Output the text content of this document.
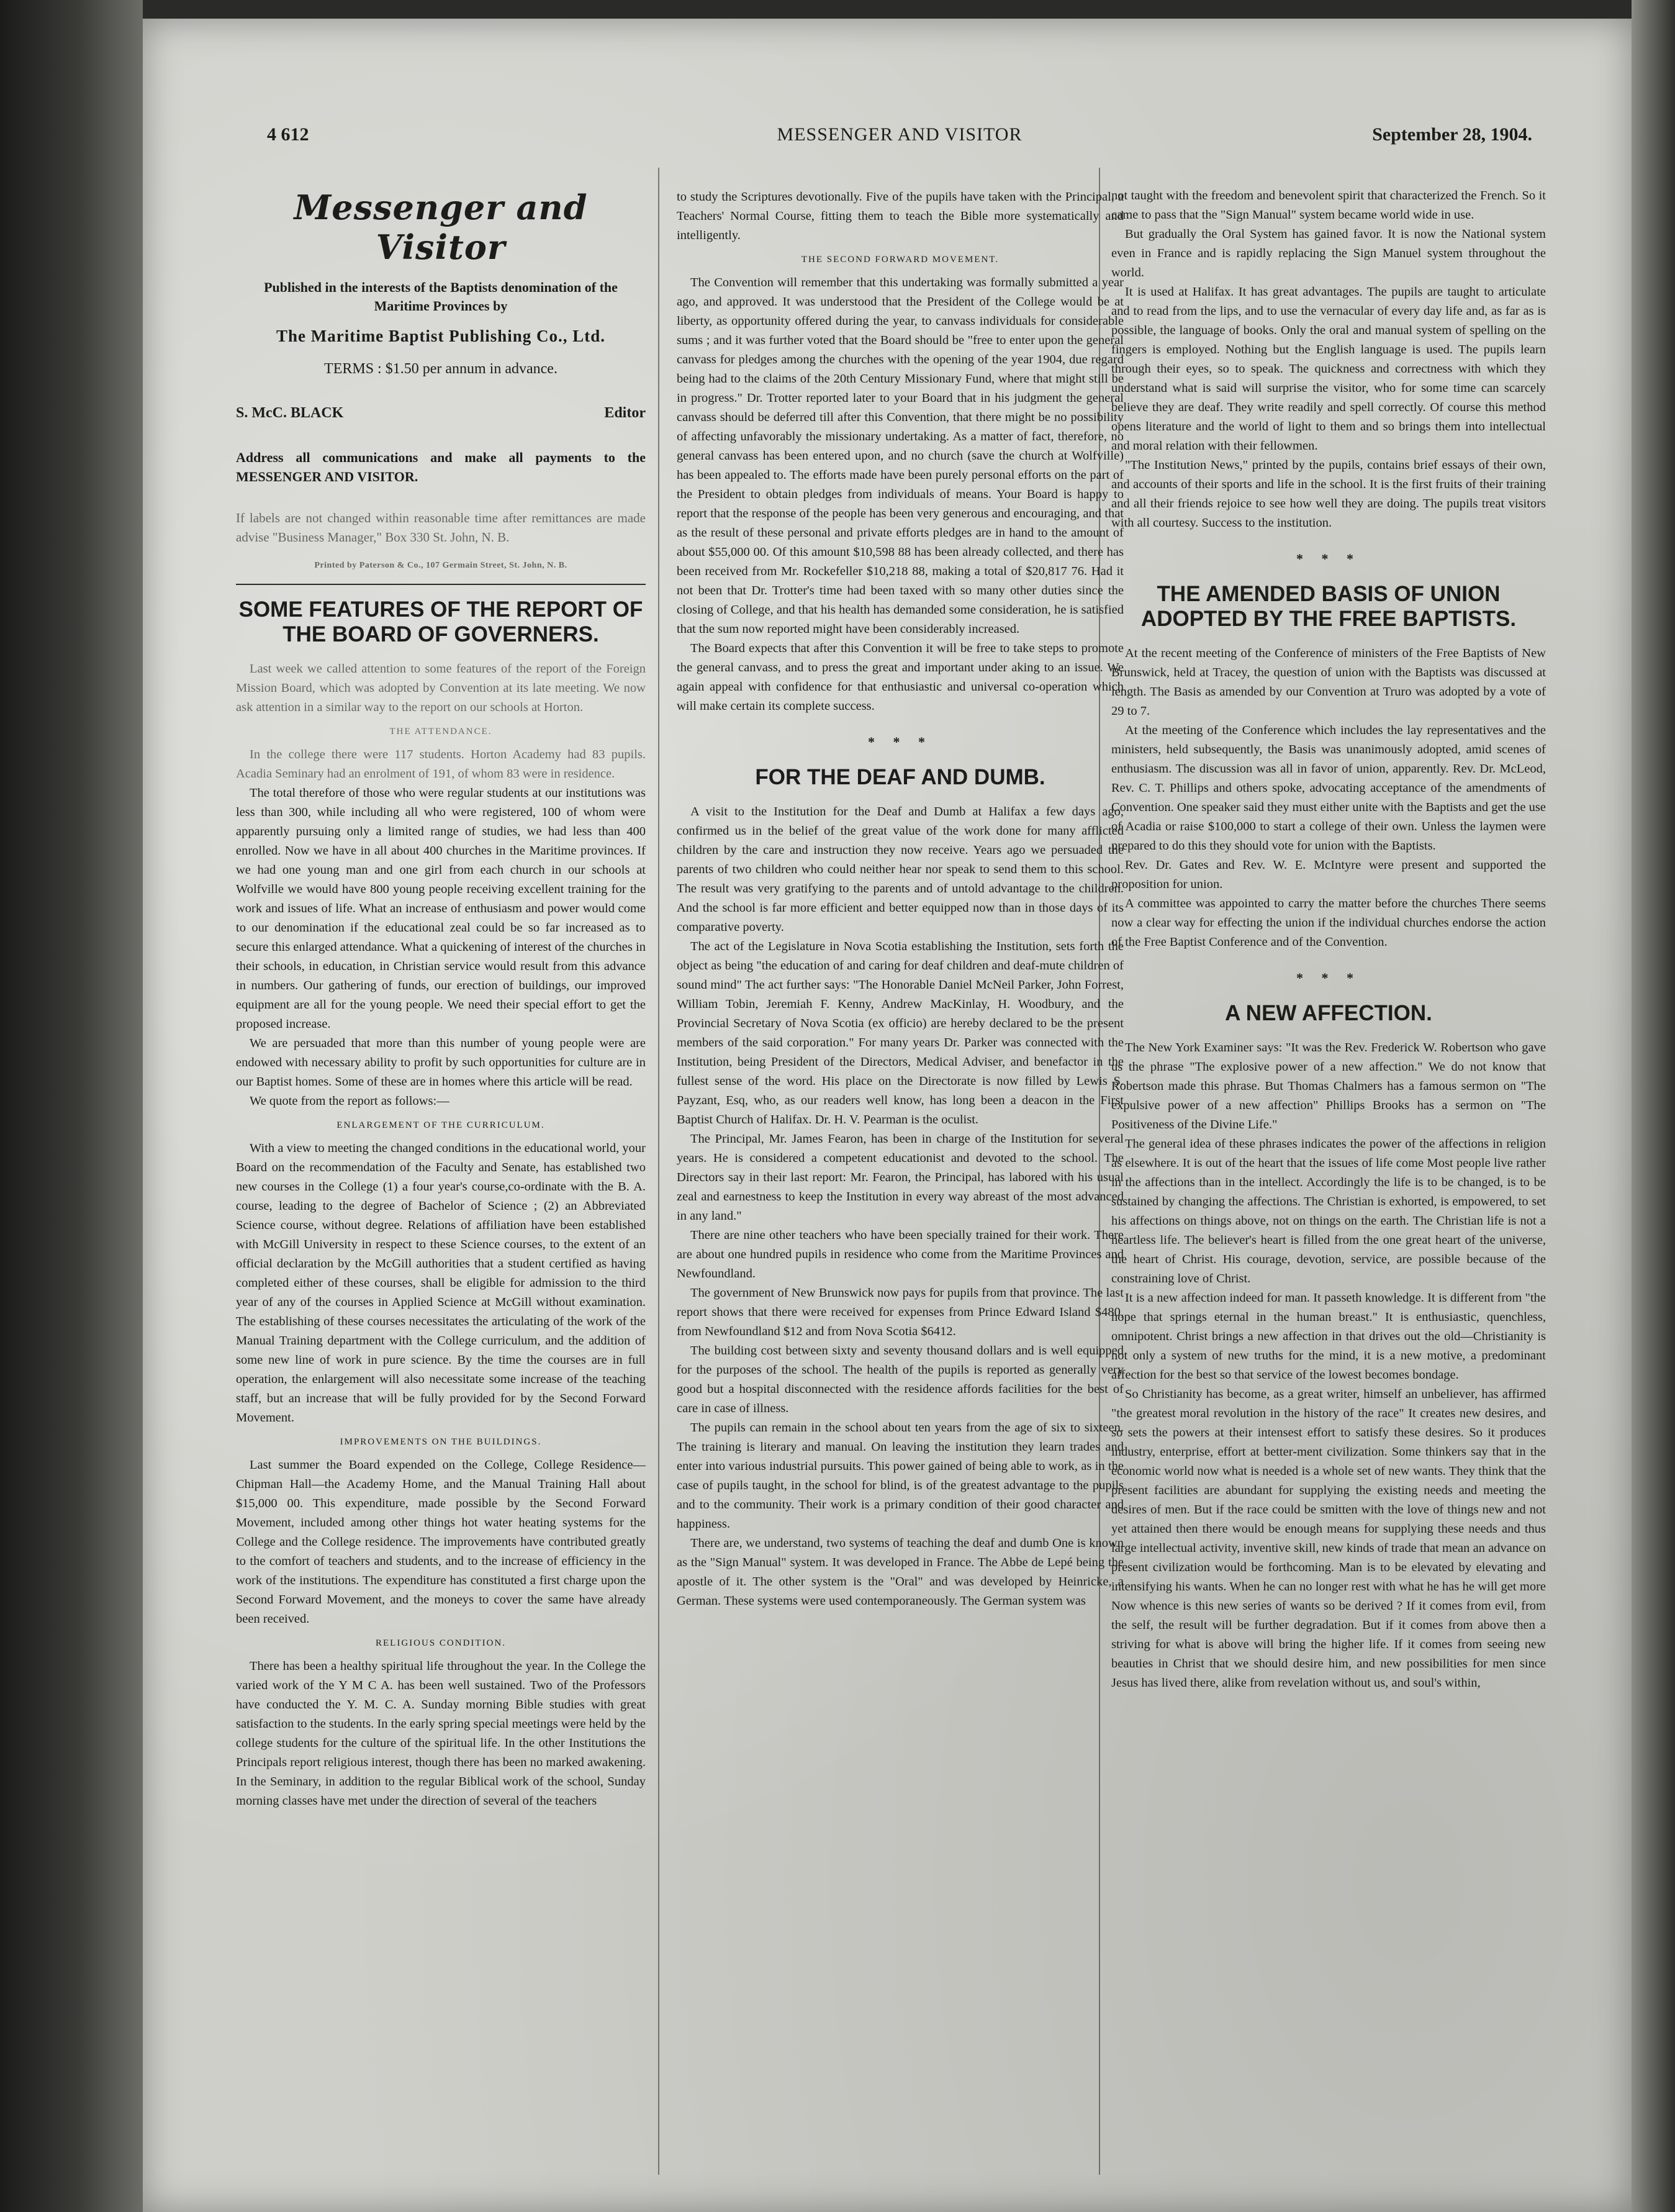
4 612	MESSENGER AND VISITOR	September 28, 1904.
Messenger and Visitor

Published in the interests of the Baptists denomination of the Maritime Provinces by

The Maritime Baptist Publishing Co., Ltd.
TERMS : $1.50 per annum in advance.
S. McC. BLACK	Editor
Address all communications and make all payments to the MESSENGER AND VISITOR.
If labels are not changed within reasonable time after remittances are made advise "Business Manager," Box 330 St. John, N. B.
Printed by Paterson & Co., 107 Germain Street, St. John, N. B.
SOME FEATURES OF THE REPORT OF THE BOARD OF GOVERNERS.

Last week we called attention to some features of the report of the Foreign Mission Board, which was adopted by Convention at its late meeting. We now ask attention in a similar way to the report on our schools at Horton.

THE ATTENDANCE.

In the college there were 117 students. Horton Academy had 83 pupils. Acadia Seminary had an enrolment of 191, of whom 83 were in residence.

The total therefore of those who were regular students at our institutions was less than 300, while including all who were registered, 100 of whom were apparently pursuing only a limited range of studies, we had less than 400 enrolled. Now we have in all about 400 churches in the Maritime provinces. If we had one young man and one girl from each church in our schools at Wolfville we would have 800 young people receiving excellent training for the work and issues of life. What an increase of enthusiasm and power would come to our denomination if the educational zeal could be so far increased as to secure this enlarged attendance. What a quickening of interest of the churches in their schools, in education, in Christian service would result from this advance in numbers. Our gathering of funds, our erection of buildings, our improved equipment are all for the young people. We need their special effort to get the proposed increase.

We are persuaded that more than this number of young people were are endowed with necessary ability to profit by such opportunities for culture are in our Baptist homes. Some of these are in homes where this article will be read.

We quote from the report as follows:—

ENLARGEMENT OF THE CURRICULUM.

With a view to meeting the changed conditions in the educational world, your Board on the recommendation of the Faculty and Senate, has established two new courses in the College (1) a four year's course,co-ordinate with the B. A. course, leading to the degree of Bachelor of Science ; (2) an Abbreviated Science course, without degree. Relations of affiliation have been established with McGill University in respect to these Science courses, to the extent of an official declaration by the McGill authorities that a student certified as having completed either of these courses, shall be eligible for admission to the third year of any of the courses in Applied Science at McGill without examination. The establishing of these courses necessitates the articulating of the work of the Manual Training department with the College curriculum, and the addition of some new line of work in pure science. By the time the courses are in full operation, the enlargement will also necessitate some increase of the teaching staff, but an increase that will be fully provided for by the Second Forward Movement.

IMPROVEMENTS ON THE BUILDINGS.

Last summer the Board expended on the College, College Residence—Chipman Hall—the Academy Home, and the Manual Training Hall about $15,000 00. This expenditure, made possible by the Second Forward Movement, included among other things hot water heating systems for the College and the College residence. The improvements have contributed greatly to the comfort of teachers and students, and to the increase of efficiency in the work of the institutions. The expenditure has constituted a first charge upon the Second Forward Movement, and the moneys to cover the same have already been received.

RELIGIOUS CONDITION.

There has been a healthy spiritual life throughout the year. In the College the varied work of the Y M C A. has been well sustained. Two of the Professors have conducted the Y. M. C. A. Sunday morning Bible studies with great satisfaction to the students. In the early spring special meetings were held by the college students for the culture of the spiritual life. In the other Institutions the Principals report religious interest, though there has been no marked awakening. In the Seminary, in addition to the regular Biblical work of the school, Sunday morning classes have met under the direction of several of the teachers

to study the Scriptures devotionally. Five of the pupils have taken with the Principal, a Teachers' Normal Course, fitting them to teach the Bible more systematically and intelligently.

THE SECOND FORWARD MOVEMENT.

The Convention will remember that this undertaking was formally submitted a year ago, and approved. It was understood that the President of the College would be at liberty, as opportunity offered during the year, to canvass individuals for considerable sums ; and it was further voted that the Board should be "free to enter upon the general canvass for pledges among the churches with the opening of the year 1904, due regard being had to the claims of the 20th Century Missionary Fund, where that might still be in progress." Dr. Trotter reported later to your Board that in his judgment the general canvass should be deferred till after this Convention, that there might be no possibility of affecting unfavorably the missionary undertaking. As a matter of fact, therefore, no general canvass has been entered upon, and no church (save the church at Wolfville) has been appealed to. The efforts made have been purely personal efforts on the part of the President to obtain pledges from individuals of means. Your Board is happy to report that the response of the people has been very generous and encouraging, and that as the result of these personal and private efforts pledges are in hand to the amount of about $55,000 00. Of this amount $10,598 88 has been already collected, and there has been received from Mr. Rockefeller $10,218 88, making a total of $20,817 76. Had it not been that Dr. Trotter's time had been taxed with so many other duties since the closing of College, and that his health has demanded some consideration, he is satisfied that the sum now reported might have been considerably increased.

The Board expects that after this Convention it will be free to take steps to promote the general canvass, and to press the great and important under aking to an issue. We again appeal with confidence for that enthusiastic and universal co-operation which will make certain its complete success.

* * *
FOR THE DEAF AND DUMB.

A visit to the Institution for the Deaf and Dumb at Halifax a few days ago, confirmed us in the belief of the great value of the work done for many afflicted children by the care and instruction they now receive. Years ago we persuaded the parents of two children who could neither hear nor speak to send them to this school. The result was very gratifying to the parents and of untold advantage to the children. And the school is far more efficient and better equipped now than in those days of its comparative poverty.

The act of the Legislature in Nova Scotia establishing the Institution, sets forth the object as being "the education of and caring for deaf children and deaf-mute children of sound mind" The act further says: "The Honorable Daniel McNeil Parker, John Forrest, William Tobin, Jeremiah F. Kenny, Andrew MacKinlay, H. Woodbury, and the Provincial Secretary of Nova Scotia (ex officio) are hereby declared to be the present members of the said corporation." For many years Dr. Parker was connected with the Institution, being President of the Directors, Medical Adviser, and benefactor in the fullest sense of the word. His place on the Directorate is now filled by Lewis S. Payzant, Esq, who, as our readers well know, has long been a deacon in the First Baptist Church of Halifax. Dr. H. V. Pearman is the oculist.

The Principal, Mr. James Fearon, has been in charge of the Institution for several years. He is considered a competent educationist and devoted to the school. The Directors say in their last report: Mr. Fearon, the Principal, has labored with his usual zeal and earnestness to keep the Institution in every way abreast of the most advanced in any land."

There are nine other teachers who have been specially trained for their work. There are about one hundred pupils in residence who come from the Maritime Provinces and Newfoundland.

The government of New Brunswick now pays for pupils from that province. The last report shows that there were received for expenses from Prince Edward Island $480, from Newfoundland $12 and from Nova Scotia $6412.

The building cost between sixty and seventy thousand dollars and is well equipped for the purposes of the school. The health of the pupils is reported as generally very good but a hospital disconnected with the residence affords facilities for the best of care in case of illness.

The pupils can remain in the school about ten years from the age of six to sixteen. The training is literary and manual. On leaving the institution they learn trades and enter into various industrial pursuits. This power gained of being able to work, as in the case of pupils taught, in the school for blind, is of the greatest advantage to the pupils and to the community. Their work is a primary condition of their good character and happiness.

There are, we understand, two systems of teaching the deaf and dumb One is known as the "Sign Manual" system. It was developed in France. The Abbe de Lepé being the apostle of it. The other system is the "Oral" and was developed by Heinricke, a German. These systems were used contemporaneously. The German system was

not taught with the freedom and benevolent spirit that characterized the French. So it came to pass that the "Sign Manual" system became world wide in use.

But gradually the Oral System has gained favor. It is now the National system even in France and is rapidly replacing the Sign Manuel system throughout the world.

It is used at Halifax. It has great advantages. The pupils are taught to articulate and to read from the lips, and to use the vernacular of every day life and, as far as is possible, the language of books. Only the oral and manual system of spelling on the fingers is employed. Nothing but the English language is used. The pupils learn through their eyes, so to speak. The quickness and correctness with which they understand what is said will surprise the visitor, who for some time can scarcely believe they are deaf. They write readily and spell correctly. Of course this method opens literature and the world of light to them and so brings them into intellectual and moral relation with their fellowmen.

"The Institution News," printed by the pupils, contains brief essays of their own, and accounts of their sports and life in the school. It is the first fruits of their training and all their friends rejoice to see how well they are doing. The pupils treat visitors with all courtesy. Success to the institution.

* * *
THE AMENDED BASIS OF UNION ADOPTED BY THE FREE BAPTISTS.

At the recent meeting of the Conference of ministers of the Free Baptists of New Brunswick, held at Tracey, the question of union with the Baptists was discussed at length. The Basis as amended by our Convention at Truro was adopted by a vote of 29 to 7.

At the meeting of the Conference which includes the lay representatives and the ministers, held subsequently, the Basis was unanimously adopted, amid scenes of enthusiasm. The discussion was all in favor of union, apparently. Rev. Dr. McLeod, Rev. C. T. Phillips and others spoke, advocating acceptance of the amendments of Convention. One speaker said they must either unite with the Baptists and get the use of Acadia or raise $100,000 to start a college of their own. Unless the laymen were prepared to do this they should vote for union with the Baptists.

Rev. Dr. Gates and Rev. W. E. McIntyre were present and supported the proposition for union.

A committee was appointed to carry the matter before the churches There seems now a clear way for effecting the union if the individual churches endorse the action of the Free Baptist Conference and of the Convention.

* * *
A NEW AFFECTION.

The New York Examiner says: "It was the Rev. Frederick W. Robertson who gave us the phrase "The explosive power of a new affection." We do not know that Robertson made this phrase. But Thomas Chalmers has a famous sermon on "The expulsive power of a new affection" Phillips Brooks has a sermon on "The Positiveness of the Divine Life."

The general idea of these phrases indicates the power of the affections in religion as elsewhere. It is out of the heart that the issues of life come Most people live rather in the affections than in the intellect. Accordingly the life is to be changed, is to be sustained by changing the affections. The Christian is exhorted, is empowered, to set his affections on things above, not on things on the earth. The Christian life is not a heartless life. The believer's heart is filled from the one great heart of the universe, the heart of Christ. His courage, devotion, service, are possible because of the constraining love of Christ.

It is a new affection indeed for man. It passeth knowledge. It is different from "the hope that springs eternal in the human breast." It is enthusiastic, quenchless, omnipotent. Christ brings a new affection in that drives out the old—Christianity is not only a system of new truths for the mind, it is a new motive, a predominant affection for the best so that service of the lowest becomes bondage.

So Christianity has become, as a great writer, himself an unbeliever, has affirmed "the greatest moral revolution in the history of the race" It creates new desires, and so sets the powers at their intensest effort to satisfy these desires. So it produces industry, enterprise, effort at better-ment civilization. Some thinkers say that in the economic world now what is needed is a whole set of new wants. They think that the present facilities are abundant for supplying the existing needs and meeting the desires of men. But if the race could be smitten with the love of things new and not yet attained then there would be enough means for supplying these needs and thus large intellectual activity, inventive skill, new kinds of trade that mean an advance on present civilization would be forthcoming. Man is to be elevated by elevating and intensifying his wants. When he can no longer rest with what he has he will get more Now whence is this new series of wants so be derived ? If it comes from evil, from the self, the result will be further degradation. But if it comes from above then a striving for what is above will bring the higher life. If it comes from seeing new beauties in Christ that we should desire him, and new possibilities for men since Jesus has lived there, alike from revelation without us, and soul's within,
